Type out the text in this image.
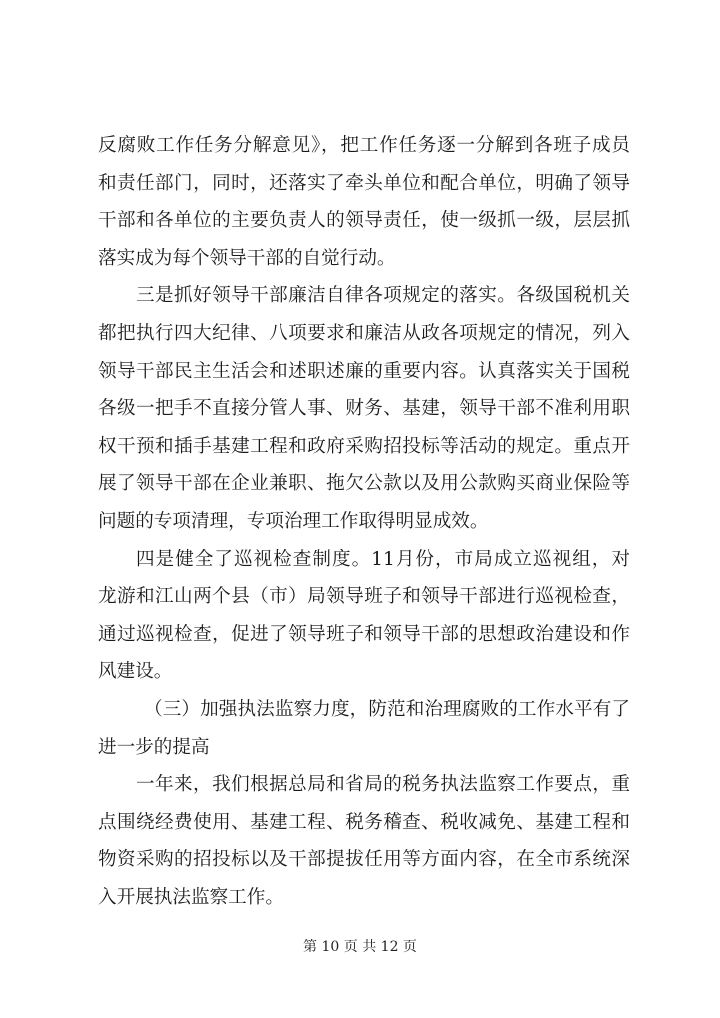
反腐败工作任务分解意见》，把工作任务逐一分解到各班子成员
和责任部门，同时，还落实了牵头单位和配合单位，明确了领导
干部和各单位的主要负责人的领导责任，使一级抓一级，层层抓
落实成为每个领导干部的自觉行动。
三是抓好领导干部廉洁自律各项规定的落实。各级国税机关
都把执行四大纪律、八项要求和廉洁从政各项规定的情况，列入
领导干部民主生活会和述职述廉的重要内容。认真落实关于国税
各级一把手不直接分管人事、财务、基建，领导干部不准利用职
权干预和插手基建工程和政府采购招投标等活动的规定。重点开
展了领导干部在企业兼职、拖欠公款以及用公款购买商业保险等
问题的专项清理，专项治理工作取得明显成效。
四是健全了巡视检查制度。11月份，市局成立巡视组，对
龙游和江山两个县（市）局领导班子和领导干部进行巡视检查，
通过巡视检查，促进了领导班子和领导干部的思想政治建设和作
风建设。
（三）加强执法监察力度，防范和治理腐败的工作水平有了
进一步的提高
一年来，我们根据总局和省局的税务执法监察工作要点，重
点围绕经费使用、基建工程、税务稽查、税收减免、基建工程和
物资采购的招投标以及干部提拔任用等方面内容，在全市系统深
入开展执法监察工作。
第 10 页 共 12 页
